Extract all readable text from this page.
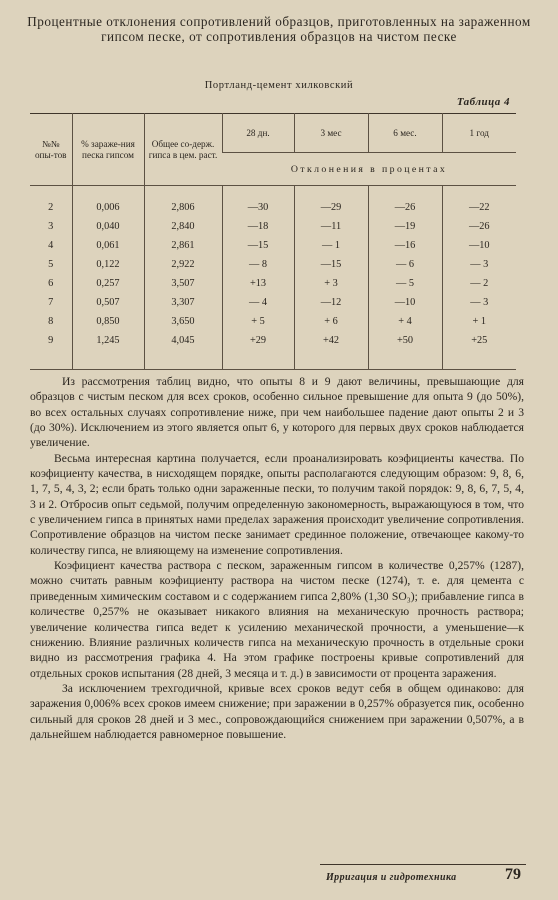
Процентные отклонения сопротивлений образцов, приготовленных на зараженном гипсом песке, от сопротивления образцов на чистом песке
Портланд-цемент хилковский
Таблица 4
№№ опы-тов	% зараже-ния песка гипсом	Общее со-держ. гипса в цем. раст.	28 дн.	3 мес	6 мес.	1 год
			Отклонения в процентах			
2	0,006	2,806	—30	—29	—26	—22
3	0,040	2,840	—18	—11	—19	—26
4	0,061	2,861	—15	— 1	—16	—10
5	0,122	2,922	— 8	—15	— 6	— 3
6	0,257	3,507	+13	+ 3	— 5	— 2
7	0,507	3,307	— 4	—12	—10	— 3
8	0,850	3,650	+ 5	+ 6	+ 4	+ 1
9	1,245	4,045	+29	+42	+50	+25

Из рассмотрения таблиц видно, что опыты 8 и 9 дают величины, превышающие для образцов с чистым песком для всех сроков, особенно сильное превышение для опыта 9 (до 50%), во всех остальных случаях сопротивление ниже, при чем наибольшее падение дают опыты 2 и 3 (до 30%). Исключением из этого является опыт 6, у которого для первых двух сроков наблюдается увеличение.

Весьма интересная картина получается, если проанализировать коэфициенты качества. По коэфициенту качества, в нисходящем порядке, опыты располагаются следующим образом: 9, 8, 6, 1, 7, 5, 4, 3, 2; если брать только одни зараженные пески, то получим такой порядок: 9, 8, 6, 7, 5, 4, 3 и 2. Отбросив опыт седьмой, получим определенную закономерность, выражающуюся в том, что с увеличением гипса в принятых нами пределах заражения происходит увеличение сопротивления. Сопротивление образцов на чистом песке занимает срединное положение, отвечающее какому-то количеству гипса, не влияющему на изменение сопротивления.

Коэфициент качества раствора с песком, зараженным гипсом в количестве 0,257% (1287), можно считать равным коэфициенту раствора на чистом песке (1274), т. е. для цемента с приведенным химическим составом и с содержанием гипса 2,80% (1,30 SO₃); прибавление гипса в количестве 0,257% не оказывает никакого влияния на механическую прочность раствора; увеличение количества гипса ведет к усилению механической прочности, а уменьшение—к снижению. Влияние различных количеств гипса на механическую прочность в отдельные сроки видно из рассмотрения графика 4. На этом графике построены кривые сопротивлений для отдельных сроков испытания (28 дней, 3 месяца и т. д.) в зависимости от процента заражения.

За исключением трехгодичной, кривые всех сроков ведут себя в общем одинаково: для заражения 0,006% всех сроков имеем снижение; при заражении в 0,257% образуется пик, особенно сильный для сроков 28 дней и 3 мес., сопровождающийся снижением при заражении 0,507%, а в дальнейшем наблюдается равномерное повышение.

Ирригация и гидротехника	79
